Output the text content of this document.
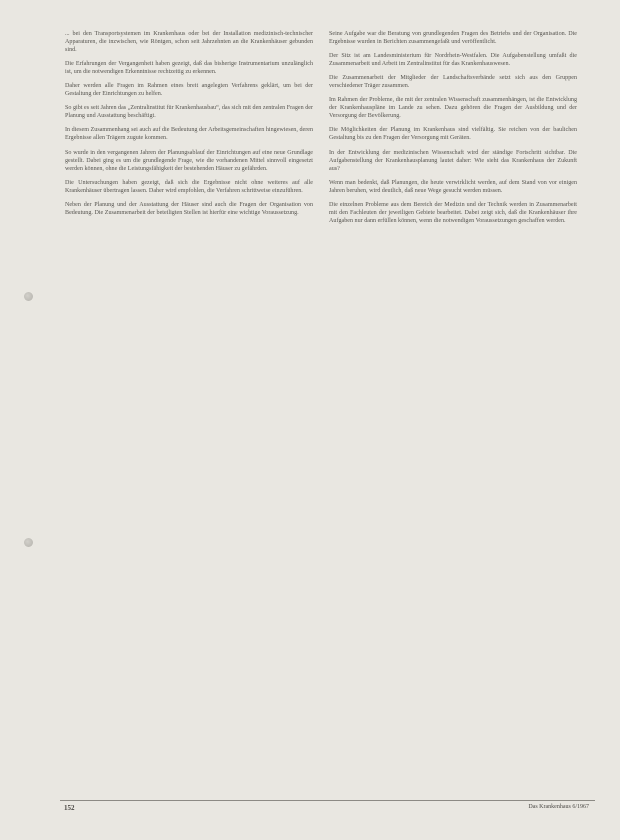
... bei den Transportsystemen im Krankenhaus oder bei der Installation medizinisch-technischer Apparaturen, die inzwischen, wie Röntgen, schon seit Jahrzehnten an die Krankenhäuser gebunden sind.

Die Erfahrungen der Vergangenheit haben gezeigt, daß das bisherige Instrumentarium unzulänglich ist, um die notwendigen Erkenntnisse rechtzeitig zu erkennen.

Daher werden alle Fragen im Rahmen eines breit angelegten Verfahrens geklärt, um bei der Gestaltung der Einrichtungen zu helfen.

So gibt es seit Jahren das „Zentralinstitut für Krankenhausbau“, das sich mit den zentralen Fragen der Planung und Ausstattung beschäftigt.

In diesem Zusammenhang sei auch auf die Bedeutung der Arbeitsgemeinschaften hingewiesen, deren Ergebnisse allen Trägern zugute kommen.

So wurde in den vergangenen Jahren der Planungsablauf der Einrichtungen auf eine neue Grundlage gestellt. Dabei ging es um die grundlegende Frage, wie die vorhandenen Mittel sinnvoll eingesetzt werden können, ohne die Leistungsfähigkeit der bestehenden Häuser zu gefährden.

Die Untersuchungen haben gezeigt, daß sich die Ergebnisse nicht ohne weiteres auf alle Krankenhäuser übertragen lassen. Daher wird empfohlen, die Verfahren schrittweise einzuführen.

Neben der Planung und der Ausstattung der Häuser sind auch die Fragen der Organisation von Bedeutung. Die Zusammenarbeit der beteiligten Stellen ist hierfür eine wichtige Voraussetzung.

Seine Aufgabe war die Beratung von grundlegenden Fragen des Betriebs und der Organisation. Die Ergebnisse wurden in Berichten zusammengefaßt und veröffentlicht.

Der Sitz ist am Landesministerium für Nordrhein-Westfalen. Die Aufgabenstellung umfaßt die Zusammenarbeit und Arbeit im Zentralinstitut für das Krankenhauswesen.

Die Zusammenarbeit der Mitglieder der Landschaftsverbände setzt sich aus den Gruppen verschiedener Träger zusammen.

Im Rahmen der Probleme, die mit der zentralen Wissenschaft zusammenhängen, ist die Entwicklung der Krankenhauspläne im Lande zu sehen. Dazu gehören die Fragen der Ausbildung und der Versorgung der Bevölkerung.

Die Möglichkeiten der Planung im Krankenhaus sind vielfältig. Sie reichen von der baulichen Gestaltung bis zu den Fragen der Versorgung mit Geräten.

In der Entwicklung der medizinischen Wissenschaft wird der ständige Fortschritt sichtbar. Die Aufgabenstellung der Krankenhausplanung lautet daher: Wie sieht das Krankenhaus der Zukunft aus?

Wenn man bedenkt, daß Planungen, die heute verwirklicht werden, auf dem Stand von vor einigen Jahren beruhen, wird deutlich, daß neue Wege gesucht werden müssen.

Die einzelnen Probleme aus dem Bereich der Medizin und der Technik werden in Zusammenarbeit mit den Fachleuten der jeweiligen Gebiete bearbeitet. Dabei zeigt sich, daß die Krankenhäuser ihre Aufgaben nur dann erfüllen können, wenn die notwendigen Voraussetzungen geschaffen werden.

152	Das Krankenhaus 6/1967
